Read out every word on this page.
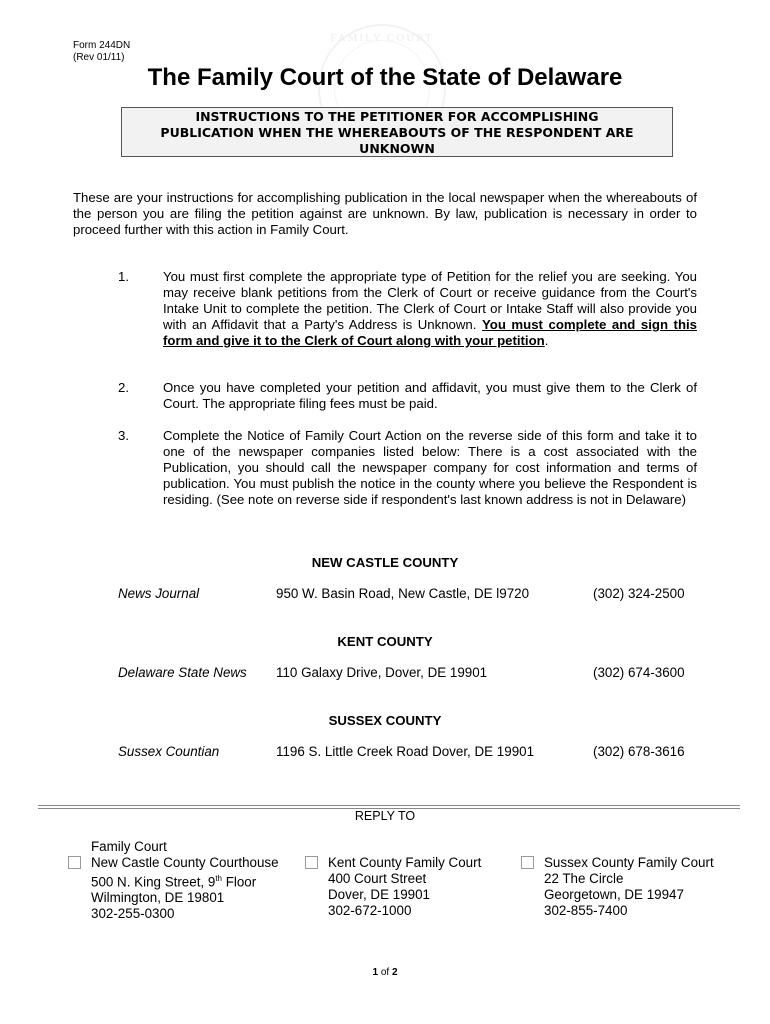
Form 244DN
(Rev 01/11)
FAMILY COURT
The Family Court of the State of Delaware
INSTRUCTIONS TO THE PETITIONER FOR ACCOMPLISHING
PUBLICATION WHEN THE WHEREABOUTS OF THE RESPONDENT ARE
UNKNOWN
These are your instructions for accomplishing publication in the local newspaper when the whereabouts of the person you are filing the petition against are unknown. By law, publication is necessary in order to proceed further with this action in Family Court.
1.	You must first complete the appropriate type of Petition for the relief you are seeking. You may receive blank petitions from the Clerk of Court or receive guidance from the Court's Intake Unit to complete the petition. The Clerk of Court or Intake Staff will also provide you with an Affidavit that a Party's Address is Unknown. You must complete and sign this form and give it to the Clerk of Court along with your petition.
2.	Once you have completed your petition and affidavit, you must give them to the Clerk of Court. The appropriate filing fees must be paid.
3.	Complete the Notice of Family Court Action on the reverse side of this form and take it to one of the newspaper companies listed below: There is a cost associated with the Publication, you should call the newspaper company for cost information and terms of publication. You must publish the notice in the county where you believe the Respondent is residing. (See note on reverse side if respondent's last known address is not in Delaware)
NEW CASTLE COUNTY
News Journal	950 W. Basin Road, New Castle, DE l9720	(302) 324-2500
KENT COUNTY
Delaware State News 110 Galaxy Drive, Dover, DE 19901	(302) 674-3600
SUSSEX COUNTY
Sussex Countian	1196 S. Little Creek Road Dover, DE 19901	(302) 678-3616
REPLY TO
Family Court
New Castle County Courthouse
500 N. King Street, 9th Floor
Wilmington, DE 19801
302-255-0300
Kent County Family Court
400 Court Street
Dover, DE 19901
302-672-1000
Sussex County Family Court
22 The Circle
Georgetown, DE 19947
302-855-7400
1 of 2
